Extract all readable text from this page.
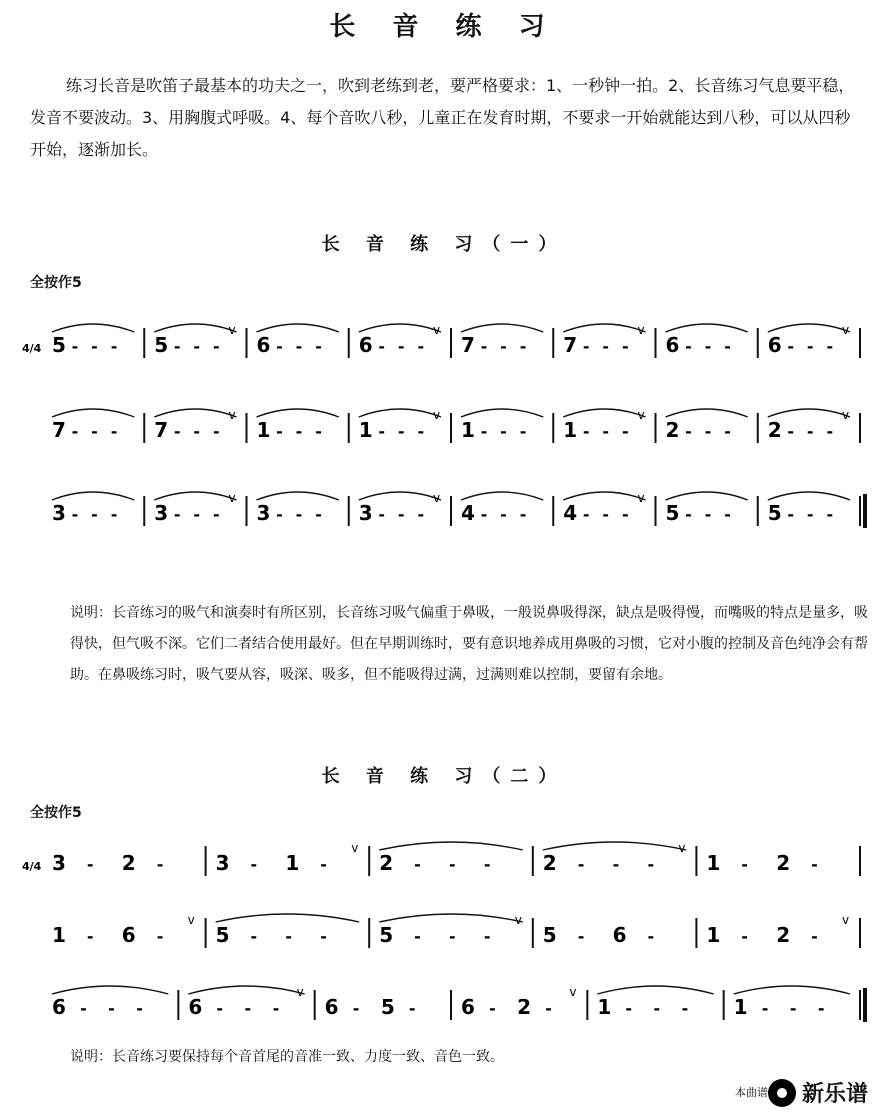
长 音 练 习
练习长音是吹笛子最基本的功夫之一，吹到老练到老，要严格要求：1、一秒钟一拍。2、长音练习气息要平稳，发音不要波动。3、用胸腹式呼吸。4、每个音吹八秒，儿童正在发育时期，不要求一开始就能达到八秒，可以从四秒开始，逐渐加长。
长 音 练 习（一）
全按作5
4/4 5 - - - 5 - - -
v
6 - - - 6 - - -
v
7 - - - 7 - - -
v
6 - - - 6 - - -
v
7 - - - 7 - - -
v
1 - - - 1 - - -
v
1 - - - 1 - - -
v
2 - - - 2 - - -
v
3 - - - 3 - - -
v
3 - - - 3 - - -
v
4 - - - 4 - - -
v
5 - - - 5 - - -
说明：长音练习的吸气和演奏时有所区别，长音练习吸气偏重于鼻吸，一般说鼻吸得深，缺点是吸得慢，而嘴吸的特点是量多，吸得快，但气吸不深。它们二者结合使用最好。但在早期训练时，要有意识地养成用鼻吸的习惯，它对小腹的控制及音色纯净会有帮助。在鼻吸练习时，吸气要从容，吸深、吸多，但不能吸得过满，过满则难以控制，要留有余地。
长 音 练 习（二）
全按作5
4/4 3 - 2 -	3 - 1 -
v
2 - - -	2 - - -
v
1 - 2 -
1 - 6 -
v
5 - - -	5 - - -
v
5 - 6 -	1 - 2 -
v
6 - - - 6 - - -
v
6 - 5 - 6 - 2 -
v
1 - - - 1 - - -
说明：长音练习要保持每个音首尾的音准一致、力度一致、音色一致。
本曲谱 新乐谱
